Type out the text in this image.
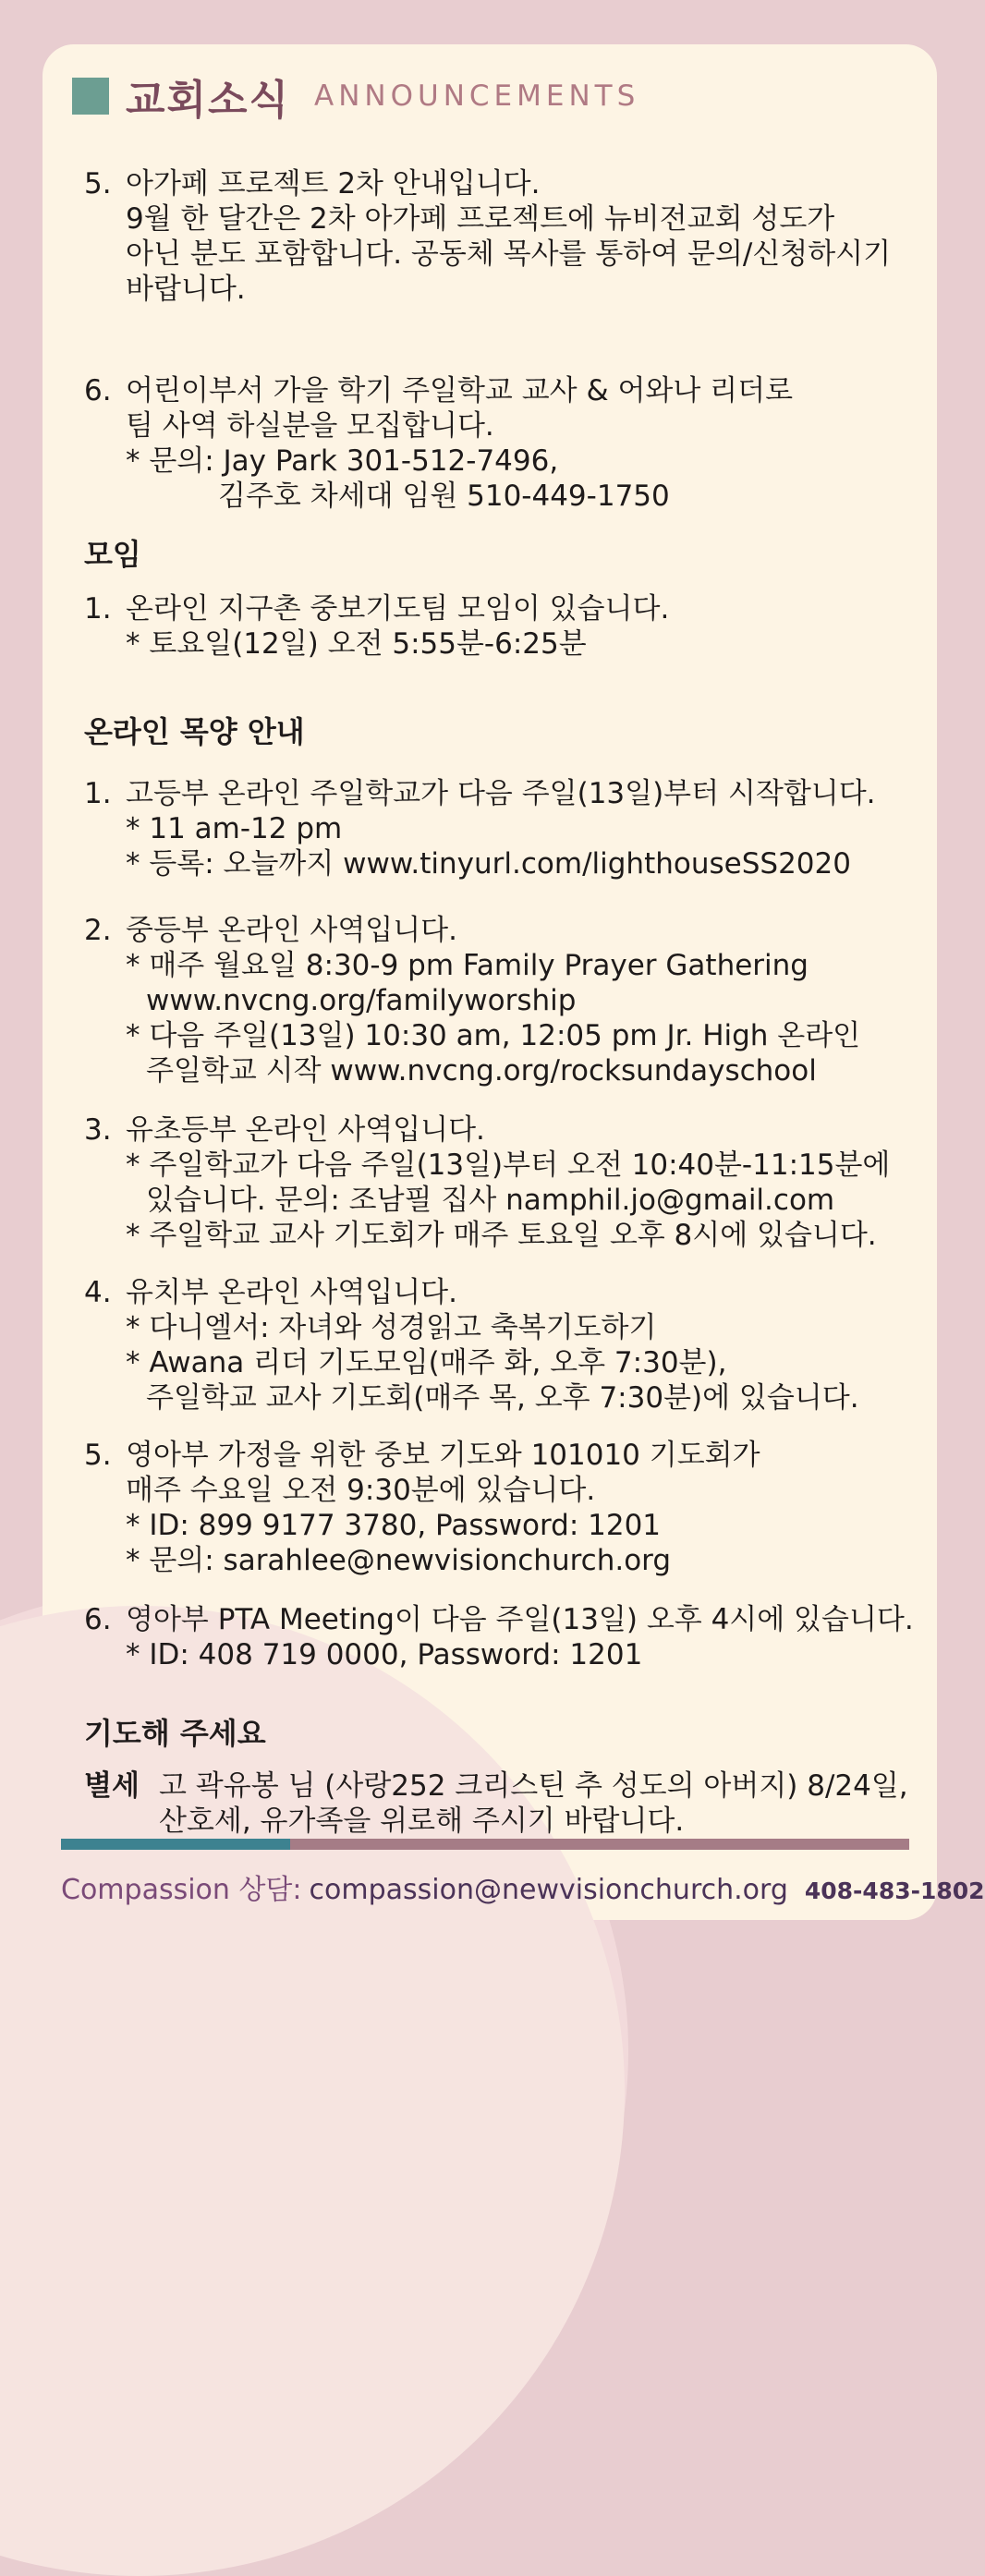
교회소식 ANNOUNCEMENTS
5. 아가페 프로젝트 2차 안내입니다.
9월 한 달간은 2차 아가페 프로젝트에 뉴비전교회 성도가
아닌 분도 포함합니다. 공동체 목사를 통하여 문의/신청하시기
바랍니다.
6. 어린이부서 가을 학기 주일학교 교사 & 어와나 리더로
팀 사역 하실분을 모집합니다.
* 문의: Jay Park 301-512-7496,
김주호 차세대 임원 510-449-1750
모임
1. 온라인 지구촌 중보기도팀 모임이 있습니다.
* 토요일(12일) 오전 5:55분-6:25분
온라인 목양 안내
1. 고등부 온라인 주일학교가 다음 주일(13일)부터 시작합니다.
* 11 am-12 pm
* 등록: 오늘까지 www.tinyurl.com/lighthouseSS2020
2. 중등부 온라인 사역입니다.
* 매주 월요일 8:30-9 pm Family Prayer Gathering
www.nvcng.org/familyworship
* 다음 주일(13일) 10:30 am, 12:05 pm Jr. High 온라인
주일학교 시작 www.nvcng.org/rocksundayschool
3. 유초등부 온라인 사역입니다.
* 주일학교가 다음 주일(13일)부터 오전 10:40분-11:15분에
있습니다. 문의: 조남필 집사 namphil.jo@gmail.com
* 주일학교 교사 기도회가 매주 토요일 오후 8시에 있습니다.
4. 유치부 온라인 사역입니다.
* 다니엘서: 자녀와 성경읽고 축복기도하기
* Awana 리더 기도모임(매주 화, 오후 7:30분),
주일학교 교사 기도회(매주 목, 오후 7:30분)에 있습니다.
5. 영아부 가정을 위한 중보 기도와 101010 기도회가
매주 수요일 오전 9:30분에 있습니다.
* ID: 899 9177 3780, Password: 1201
* 문의: sarahlee@newvisionchurch.org
6. 영아부 PTA Meeting이 다음 주일(13일) 오후 4시에 있습니다.
* ID: 408 719 0000, Password: 1201
기도해 주세요
별세 고 곽유봉 님 (사랑252 크리스틴 추 성도의 아버지) 8/24일,
산호세, 유가족을 위로해 주시기 바랍니다.
Compassion 상담: compassion@newvisionchurch.org 408-483-1802
